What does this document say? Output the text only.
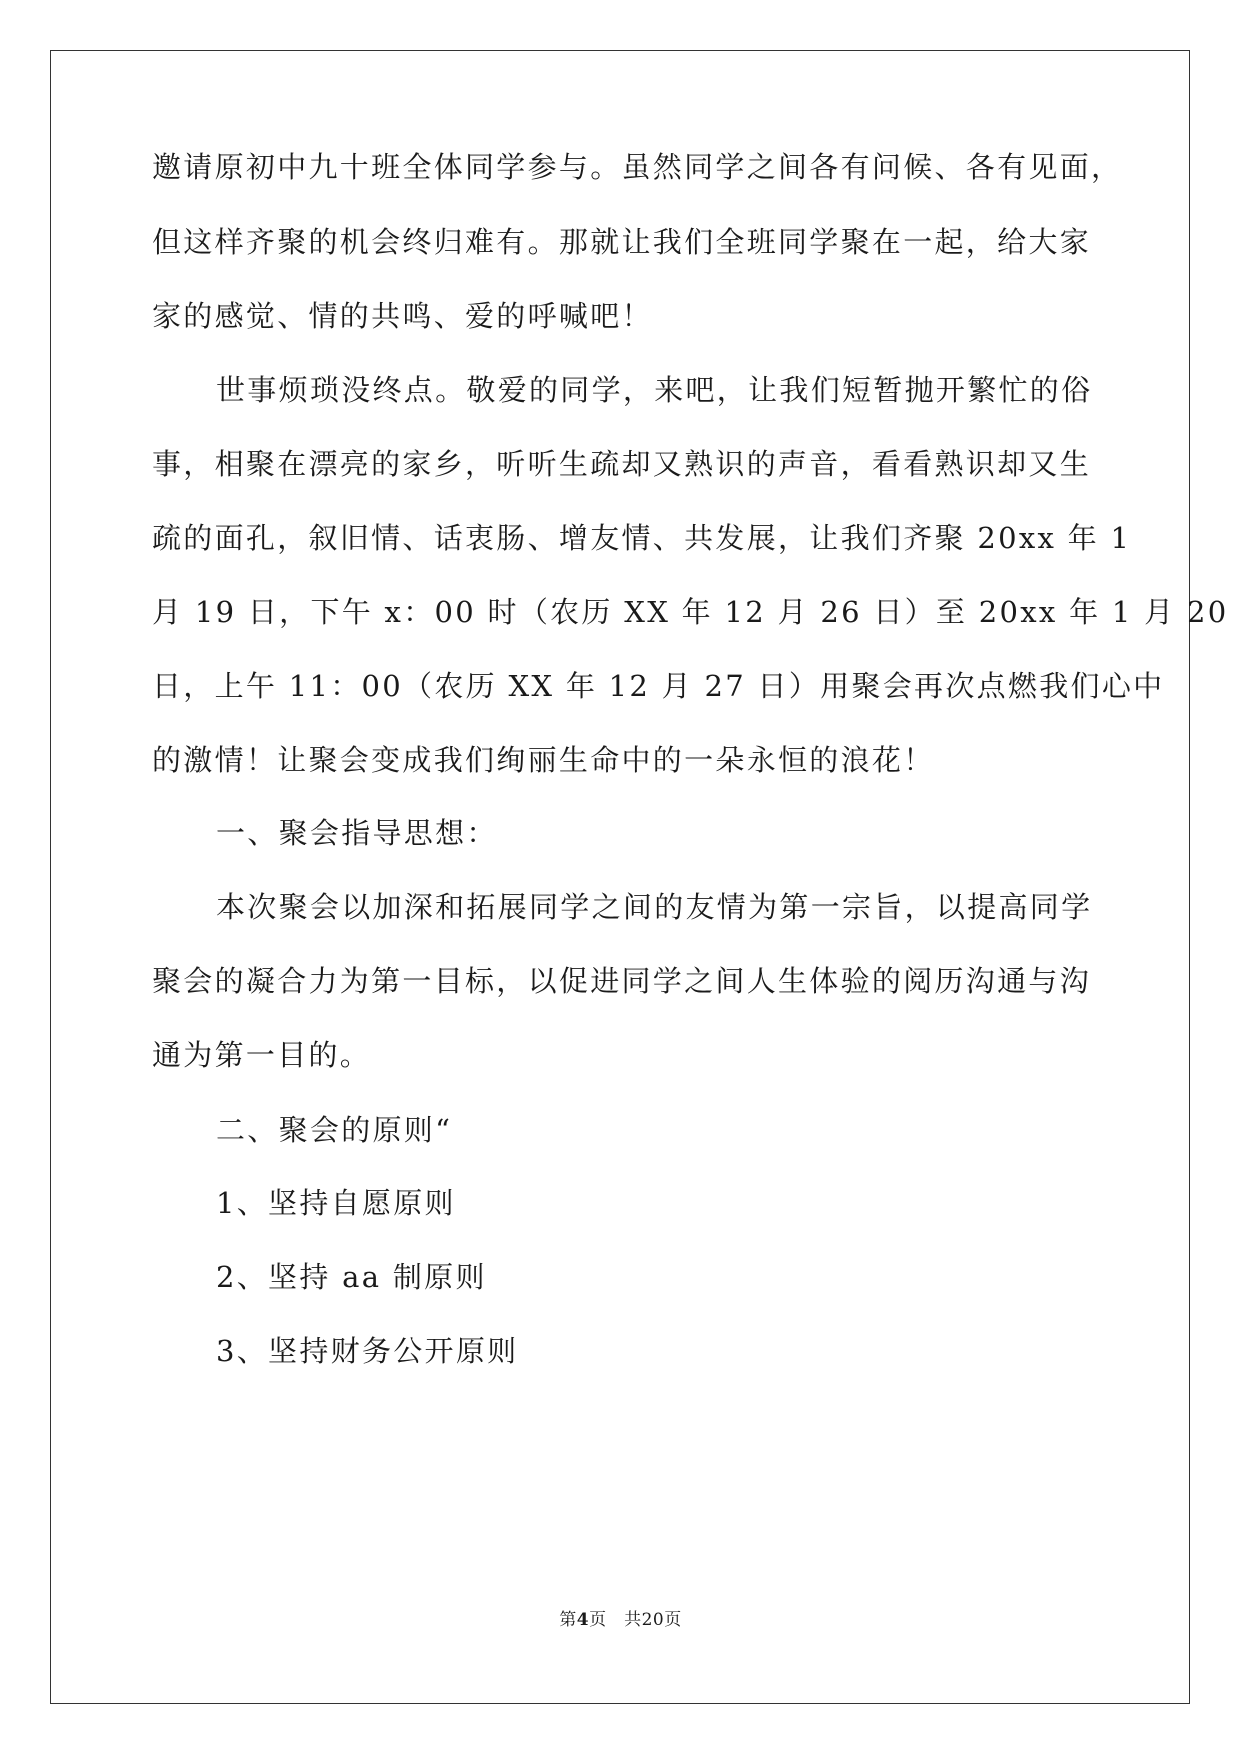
邀请原初中九十班全体同学参与。虽然同学之间各有问候、各有见面，
但这样齐聚的机会终归难有。那就让我们全班同学聚在一起，给大家
家的感觉、情的共鸣、爱的呼喊吧！
世事烦琐没终点。敬爱的同学，来吧，让我们短暂抛开繁忙的俗
事，相聚在漂亮的家乡，听听生疏却又熟识的声音，看看熟识却又生
疏的面孔，叙旧情、话衷肠、增友情、共发展，让我们齐聚 20xx 年 1
月 19 日，下午 x：00 时（农历 XX 年 12 月 26 日）至 20xx 年 1 月 20
日，上午 11：00（农历 XX 年 12 月 27 日）用聚会再次点燃我们心中
的激情！让聚会变成我们绚丽生命中的一朵永恒的浪花！
一、聚会指导思想：
本次聚会以加深和拓展同学之间的友情为第一宗旨，以提高同学
聚会的凝合力为第一目标，以促进同学之间人生体验的阅历沟通与沟
通为第一目的。
二、聚会的原则“
1、坚持自愿原则
2、坚持 aa 制原则
3、坚持财务公开原则
第4页　共20页
